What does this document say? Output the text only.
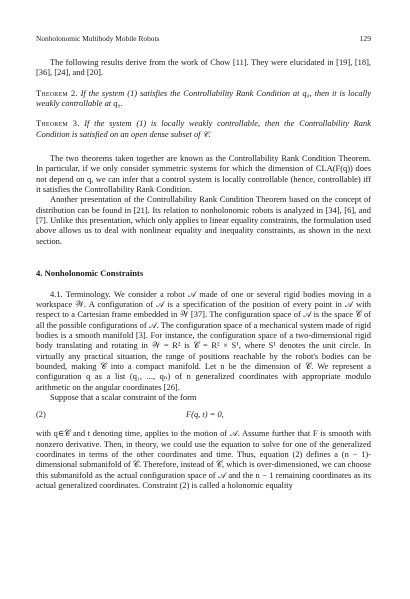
Nonholonomic Multibody Mobile Robots	129

The following results derive from the work of Chow [11]. They were elucidated in [19], [18], [36], [24], and [20].

Theorem 2. If the system (1) satisfies the Controllability Rank Condition at q₀, then it is locally weakly controllable at q₀.

Theorem 3. If the system (1) is locally weakly controllable, then the Controllability Rank Condition is satisfied on an open dense subset of 𝒞.

The two theorems taken together are known as the Controllability Rank Condition Theorem. In particular, if we only consider symmetric systems for which the dimension of CLA(F(q)) does not depend on q, we can infer that a control system is locally controllable (hence, controllable) iff it satisfies the Controllability Rank Condition.

Another presentation of the Controllability Rank Condition Theorem based on the concept of distribution can be found in [21]. Its relation to nonholonomic robots is analyzed in [34], [6], and [7]. Unlike this presentation, which only applies to linear equality constraints, the formulation used above allows us to deal with nonlinear equality and inequality constraints, as shown in the next section.

4. Nonholonomic Constraints

4.1. Terminology. We consider a robot 𝒜 made of one or several rigid bodies moving in a workspace 𝒲. A configuration of 𝒜 is a specification of the position of every point in 𝒜 with respect to a Cartesian frame embedded in 𝒲 [37]. The configuration space of 𝒜 is the space 𝒞 of all the possible configurations of 𝒜. The configuration space of a mechanical system made of rigid bodies is a smooth manifold [3]. For instance, the configuration space of a two-dimensional rigid body translating and rotating in 𝒲 = R² is 𝒞 = R² × S¹, where S¹ denotes the unit circle. In virtually any practical situation, the range of positions reachable by the robot's bodies can be bounded, making 𝒞 into a compact manifold. Let n be the dimension of 𝒞. We represent a configuration q as a list (q₁, ..., qₙ) of n generalized coordinates with appropriate modulo arithmetic on the angular coordinates [26].

Suppose that a scalar constraint of the form

(2)	F(q, t) = 0,

with q∈𝒞 and t denoting time, applies to the motion of 𝒜. Assume further that F is smooth with nonzero derivative. Then, in theory, we could use the equation to solve for one of the generalized coordinates in terms of the other coordinates and time. Thus, equation (2) defines a (n − 1)-dimensional submanifold of 𝒞. Therefore, instead of 𝒞, which is over-dimensioned, we can choose this submanifold as the actual configuration space of 𝒜 and the n − 1 remaining coordinates as its actual generalized coordinates. Constraint (2) is called a holonomic equality
